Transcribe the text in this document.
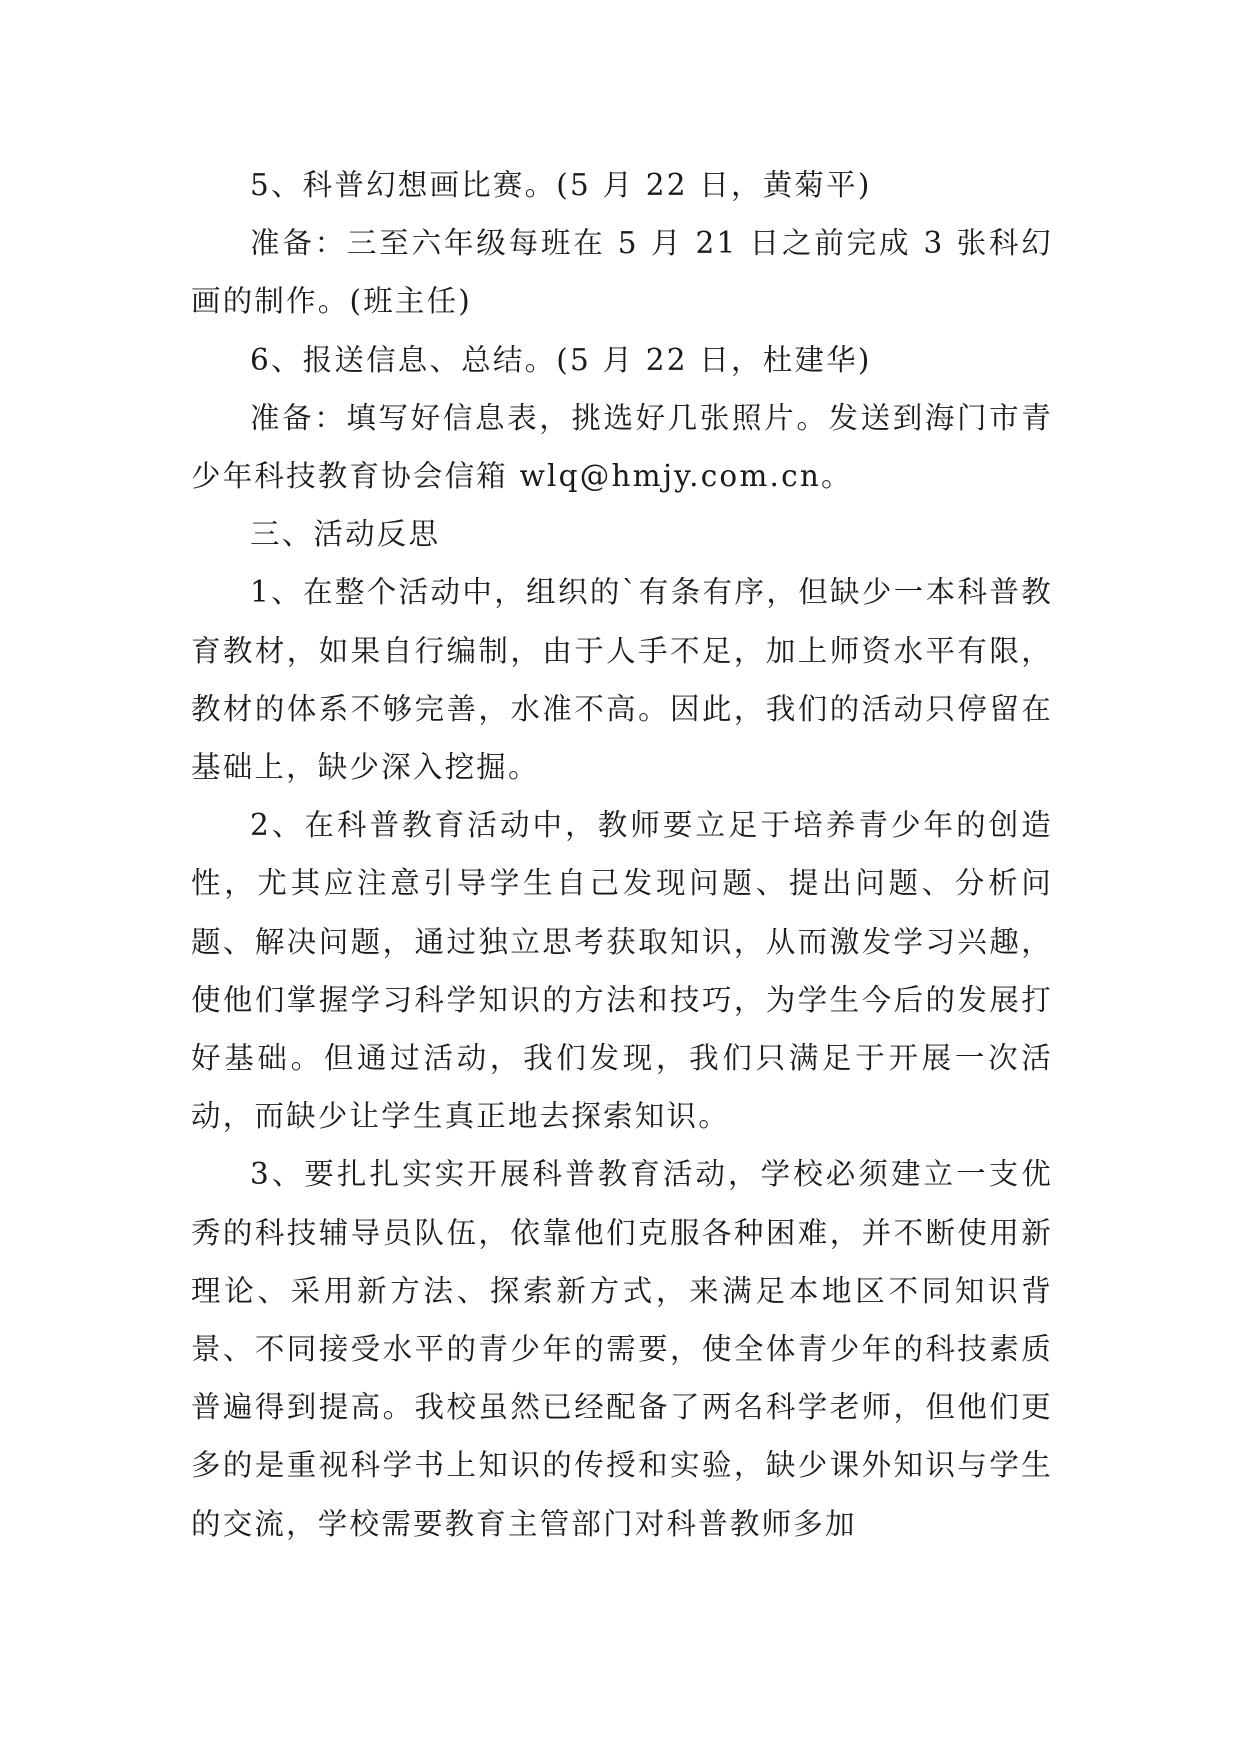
5、科普幻想画比赛。(5 月 22 日，黄菊平)

准备：三至六年级每班在 5 月 21 日之前完成 3 张科幻画的制作。(班主任)

6、报送信息、总结。(5 月 22 日，杜建华)

准备：填写好信息表，挑选好几张照片。发送到海门市青少年科技教育协会信箱 wlq@hmjy.com.cn。

三、活动反思

1、在整个活动中，组织的`有条有序，但缺少一本科普教育教材，如果自行编制，由于人手不足，加上师资水平有限，教材的体系不够完善，水准不高。因此，我们的活动只停留在基础上，缺少深入挖掘。

2、在科普教育活动中，教师要立足于培养青少年的创造性，尤其应注意引导学生自己发现问题、提出问题、分析问题、解决问题，通过独立思考获取知识，从而激发学习兴趣，使他们掌握学习科学知识的方法和技巧，为学生今后的发展打好基础。但通过活动，我们发现，我们只满足于开展一次活动，而缺少让学生真正地去探索知识。

3、要扎扎实实开展科普教育活动，学校必须建立一支优秀的科技辅导员队伍，依靠他们克服各种困难，并不断使用新理论、采用新方法、探索新方式，来满足本地区不同知识背景、不同接受水平的青少年的需要，使全体青少年的科技素质普遍得到提高。我校虽然已经配备了两名科学老师，但他们更多的是重视科学书上知识的传授和实验，缺少课外知识与学生的交流，学校需要教育主管部门对科普教师多加
